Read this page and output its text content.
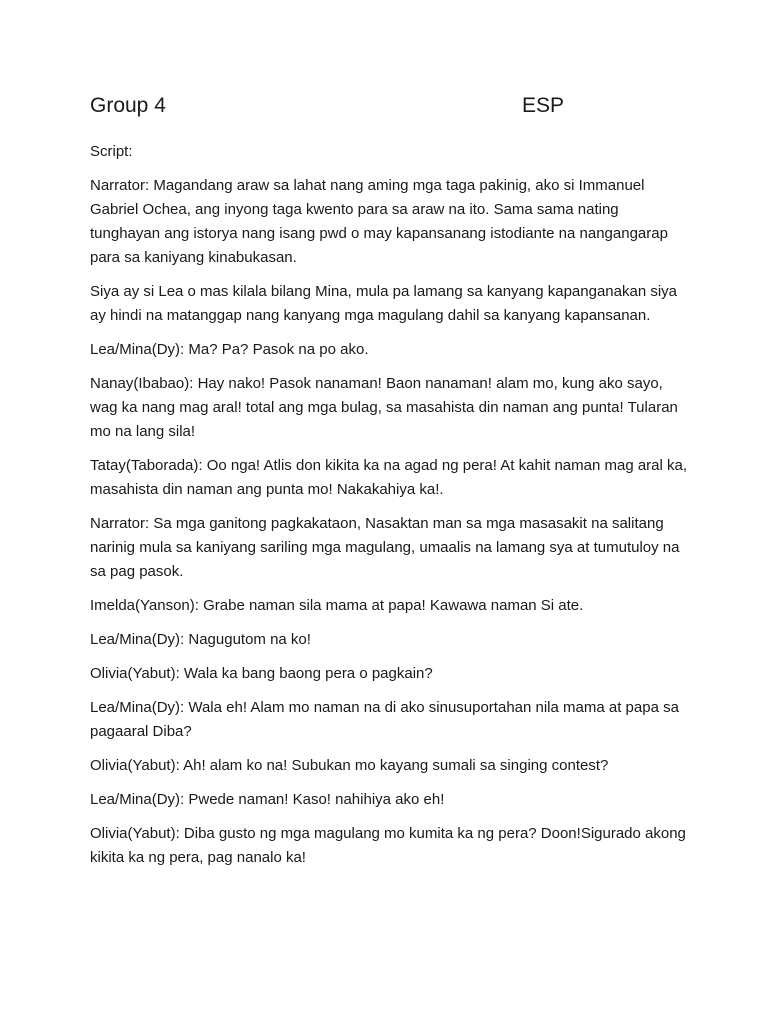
Group 4	ESP

Script:

Narrator: Magandang araw sa lahat nang aming mga taga pakinig, ako si Immanuel Gabriel Ochea, ang inyong taga kwento para sa araw na ito. Sama sama nating tunghayan ang istorya nang isang pwd o may kapansanang istodiante na nangangarap para sa kaniyang kinabukasan.

Siya ay si Lea o mas kilala bilang Mina, mula pa lamang sa kanyang kapanganakan siya ay hindi na matanggap nang kanyang mga magulang dahil sa kanyang kapansanan.

Lea/Mina(Dy): Ma? Pa? Pasok na po ako.

Nanay(Ibabao): Hay nako! Pasok nanaman! Baon nanaman! alam mo, kung ako sayo, wag ka nang mag aral! total ang mga bulag, sa masahista din naman ang punta! Tularan mo na lang sila!

Tatay(Taborada): Oo nga! Atlis don kikita ka na agad ng pera! At kahit naman mag aral ka, masahista din naman ang punta mo! Nakakahiya ka!.

Narrator: Sa mga ganitong pagkakataon, Nasaktan man sa mga masasakit na salitang narinig mula sa kaniyang sariling mga magulang, umaalis na lamang sya at tumutuloy na sa pag pasok.

Imelda(Yanson): Grabe naman sila mama at papa! Kawawa naman Si ate.

Lea/Mina(Dy): Nagugutom na ko!

Olivia(Yabut): Wala ka bang baong pera o pagkain?

Lea/Mina(Dy): Wala eh! Alam mo naman na di ako sinusuportahan nila mama at papa sa pagaaral Diba?

Olivia(Yabut): Ah! alam ko na! Subukan mo kayang sumali sa singing contest?

Lea/Mina(Dy): Pwede naman! Kaso! nahihiya ako eh!

Olivia(Yabut): Diba gusto ng mga magulang mo kumita ka ng pera? Doon!Sigurado akong kikita ka ng pera, pag nanalo ka!
